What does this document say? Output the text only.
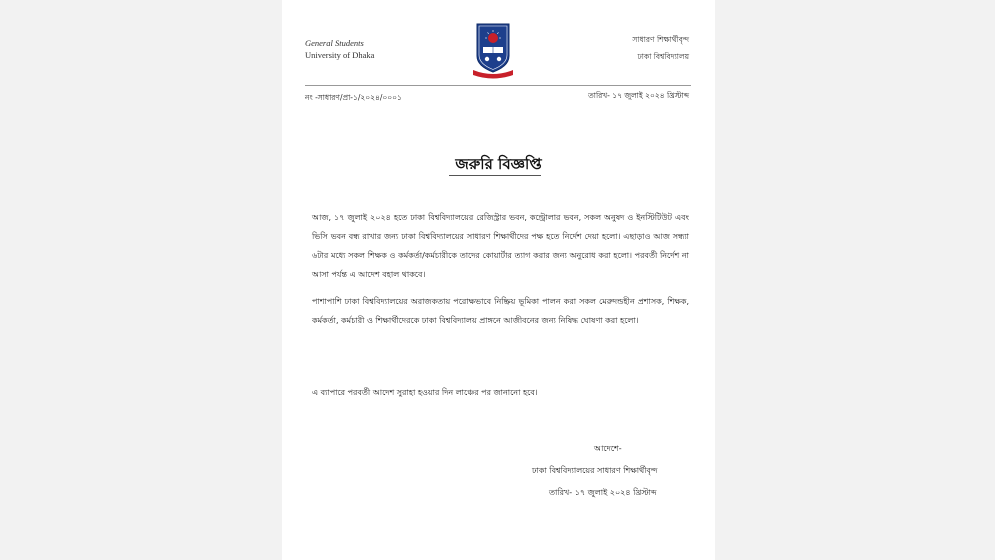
General Students
University of Dhaka
সাধারণ শিক্ষার্থীবৃন্দ
ঢাকা বিশ্ববিদ্যালয়
নং -সাধারণ/প্রা-১/২০২৪/০০০১	তারিখ- ১৭ জুলাই ২০২৪ খ্রিস্টাব্দ
জরুরি বিজ্ঞপ্তি
আজ, ১৭ জুলাই ২০২৪ হতে ঢাকা বিশ্ববিদ্যালয়ের রেজিস্ট্রার ভবন, কন্ট্রোলার ভবন, সকল অনুষদ ও ইনস্টিটিউট এবং ভিসি ভবন বন্ধ রাখার জন্য ঢাকা বিশ্ববিদ্যালয়ের সাধারণ শিক্ষার্থীদের পক্ষ হতে নির্দেশ দেয়া হলো। এছাড়াও আজ সন্ধ্যা ৬টার মধ্যে সকল শিক্ষক ও কর্মকর্তা/কর্মচারীকে তাদের কোয়ার্টার ত্যাগ করার জন্য অনুরোধ করা হলো। পরবর্তী নির্দেশ না আসা পর্যন্ত এ আদেশ বহাল থাকবে।
পাশাপাশি ঢাকা বিশ্ববিদ্যালয়ের অরাজকতায় পরোক্ষভাবে নিষ্ক্রিয় ভূমিকা পালন করা সকল মেরুদন্ডহীন প্রশাসক, শিক্ষক, কর্মকর্তা, কর্মচারী ও শিক্ষার্থীদেরকে ঢাকা বিশ্ববিদ্যালয় প্রাঙ্গনে আজীবনের জন্য নিষিদ্ধ ঘোষণা করা হলো।
এ ব্যাপারে পরবর্তী আদেশ সুরাহা হওয়ার দিন লাঞ্চের পর জানানো হবে।
আদেশে-
ঢাকা বিশ্ববিদ্যালয়ের সাধারণ শিক্ষার্থীবৃন্দ
তারিখ- ১৭ জুলাই ২০২৪ খ্রিস্টাব্দ
